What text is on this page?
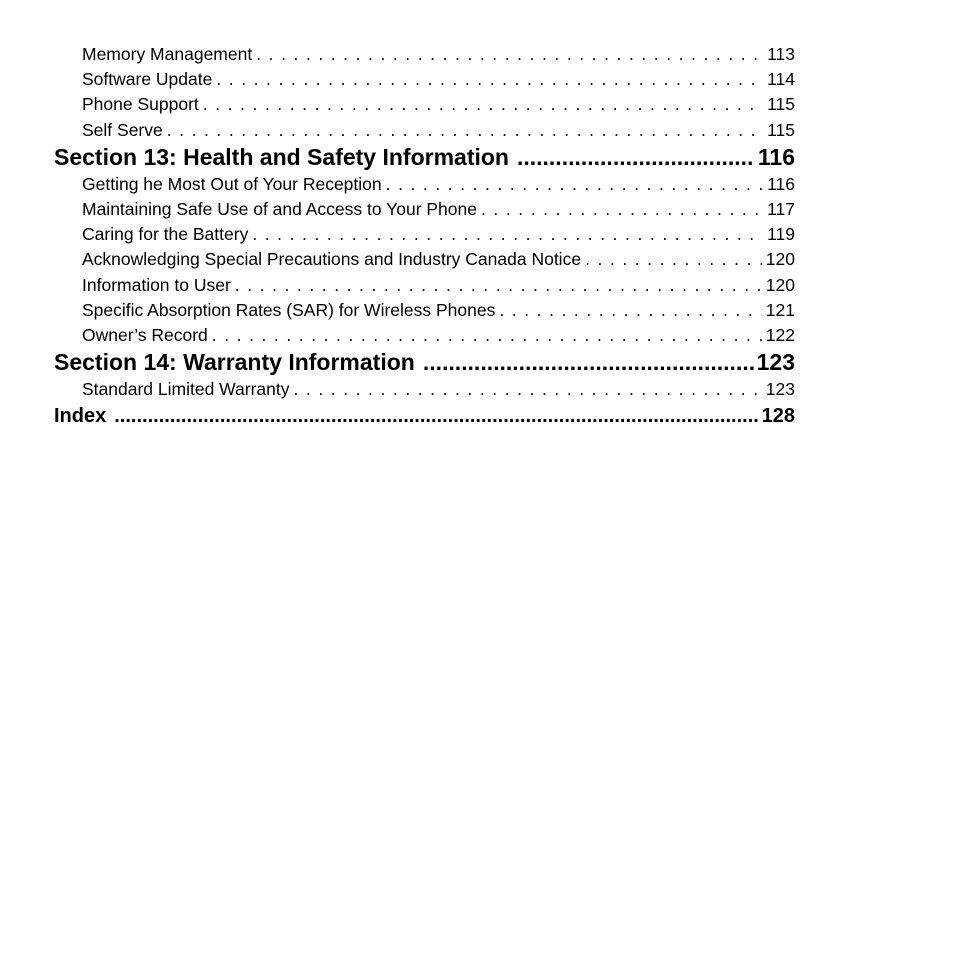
Memory Management . . .	113
Software Update . . .	114
Phone Support . . .	115
Self Serve . . .	115
Section 13: Health and Safety Information .....	116
Getting he Most Out of Your Reception . . .	116
Maintaining Safe Use of and Access to Your Phone . . .	117
Caring for the Battery . . .	119
Acknowledging Special Precautions and Industry Canada Notice . . .	120
Information to User . . .	120
Specific Absorption Rates (SAR) for Wireless Phones . . .	121
Owner’s Record . . .	122
Section 14: Warranty Information .....	123
Standard Limited Warranty . . .	123
Index .....	128
